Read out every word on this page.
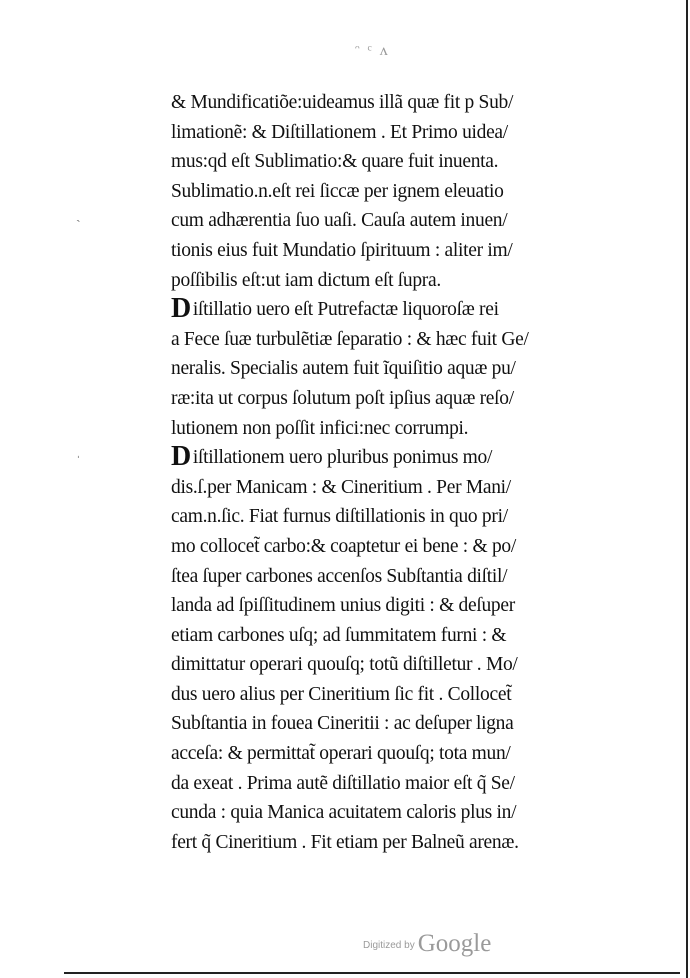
ᵔ ᶜ ᴧ
ˎ
ˌ
& Mundificatiõe:uideamus illã quæ fit p Sub/
limationẽ: & Diſtillationem . Et Primo uidea/
mus:qd eſt Sublimatio:& quare fuit inuenta.
Sublimatio.n.eſt rei ſiccæ per ignem eleuatio
cum adhærentia ſuo uaſi. Cauſa autem inuen/
tionis eius fuit Mundatio ſpirituum : aliter im/
poſſibilis eſt:ut iam dictum eſt ſupra.
D iſtillatio uero eſt Putrefactæ liquoroſæ rei
a Fece ſuæ turbulẽtiæ ſeparatio : & hæc fuit Ge/
neralis. Specialis autem fuit ĩquiſitio aquæ pu/
ræ:ita ut corpus ſolutum poſt ipſius aquæ reſo/
lutionem non poſſit infici:nec corrumpi.
D iſtillationem uero pluribus ponimus mo/
dis.ſ.per Manicam : & Cineritium . Per Mani/
cam.n.ſic. Fiat furnus diſtillationis in quo pri/
mo collocet̃ carbo:& coaptetur ei bene : & po/
ſtea ſuper carbones accenſos Subſtantia diſtil/
landa ad ſpiſſitudinem unius digiti : & deſuper
etiam carbones uſq; ad ſummitatem furni : &
dimittatur operari quouſq; totũ diſtilletur . Mo/
dus uero alius per Cineritium ſic fit . Collocet̃
Subſtantia in fouea Cineritii : ac deſuper ligna
acceſa: & permittat̃ operari quouſq; tota mun/
da exeat . Prima autẽ diſtillatio maior eſt q̃ Se/
cunda : quia Manica acuitatem caloris plus in/
fert q̃ Cineritium . Fit etiam per Balneũ arenæ.
Digitized by Google
